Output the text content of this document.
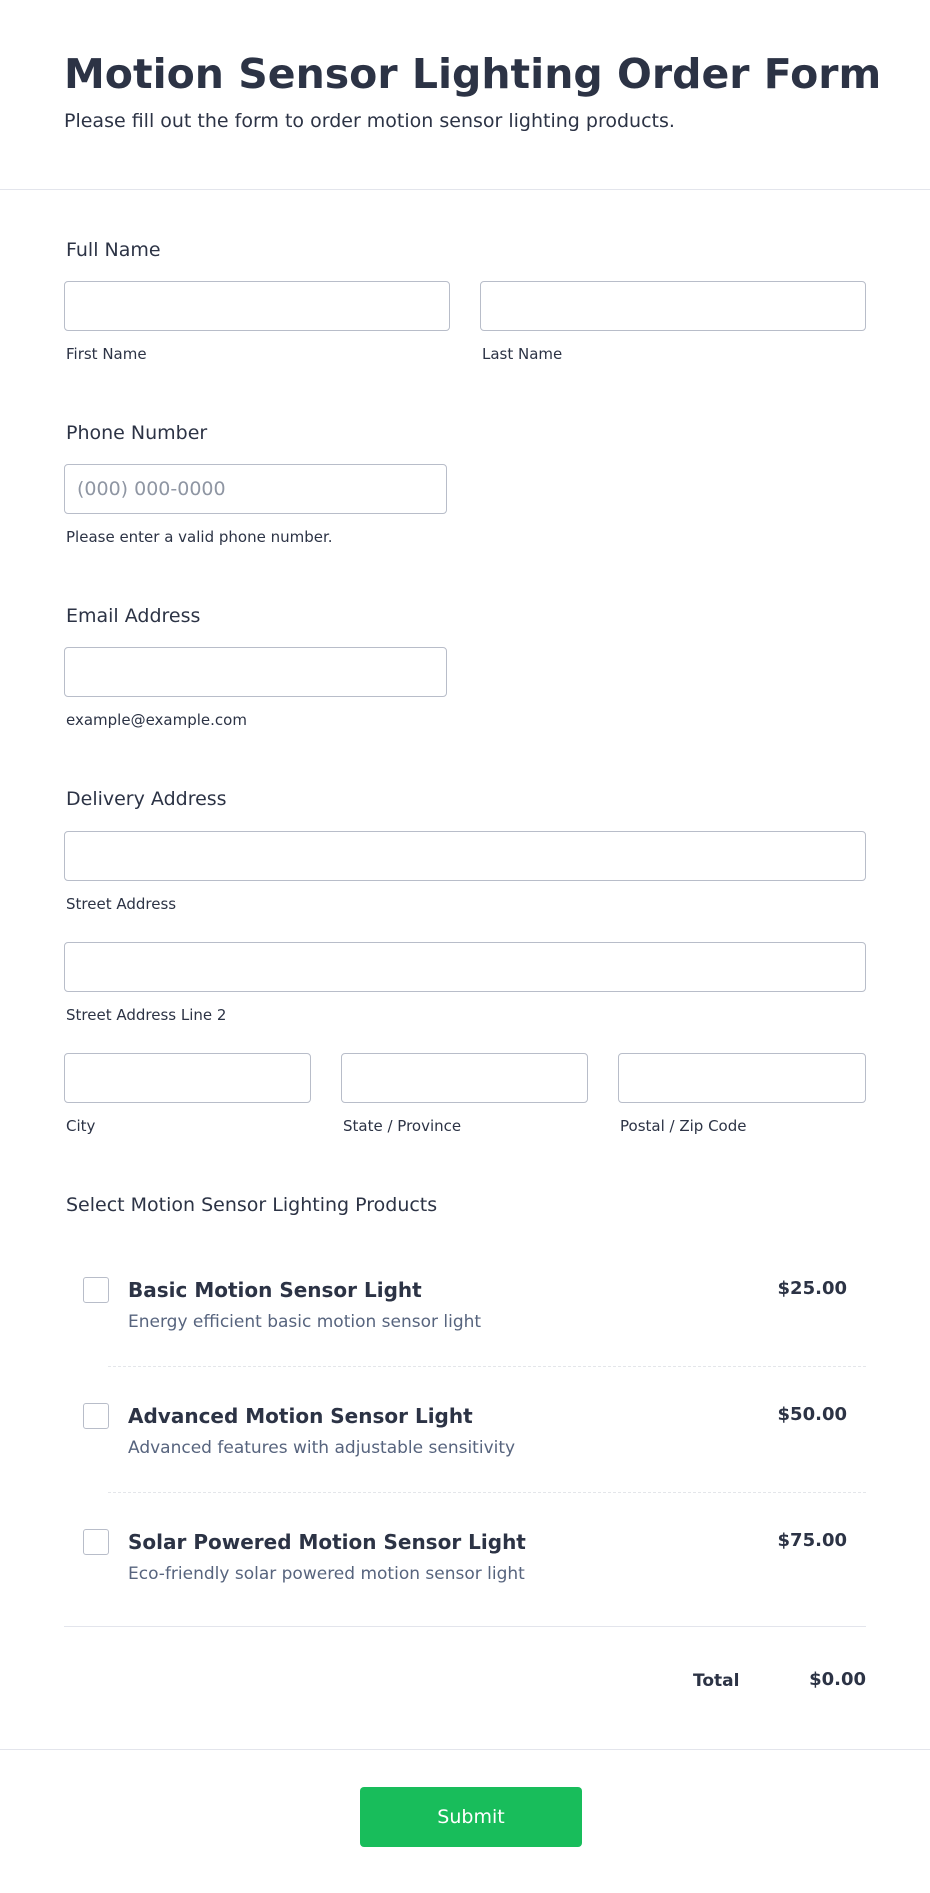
Motion Sensor Lighting Order Form
Please fill out the form to order motion sensor lighting products.
Full Name
First Name	Last Name
Phone Number
(000) 000-0000
Please enter a valid phone number.
Email Address
example@example.com
Delivery Address
Street Address
Street Address Line 2
City	State / Province	Postal / Zip Code
Select Motion Sensor Lighting Products
Basic Motion Sensor Light
Energy efficient basic motion sensor light
$25.00
Advanced Motion Sensor Light
Advanced features with adjustable sensitivity
$50.00
Solar Powered Motion Sensor Light
Eco-friendly solar powered motion sensor light
$75.00
Total	$0.00
Submit
